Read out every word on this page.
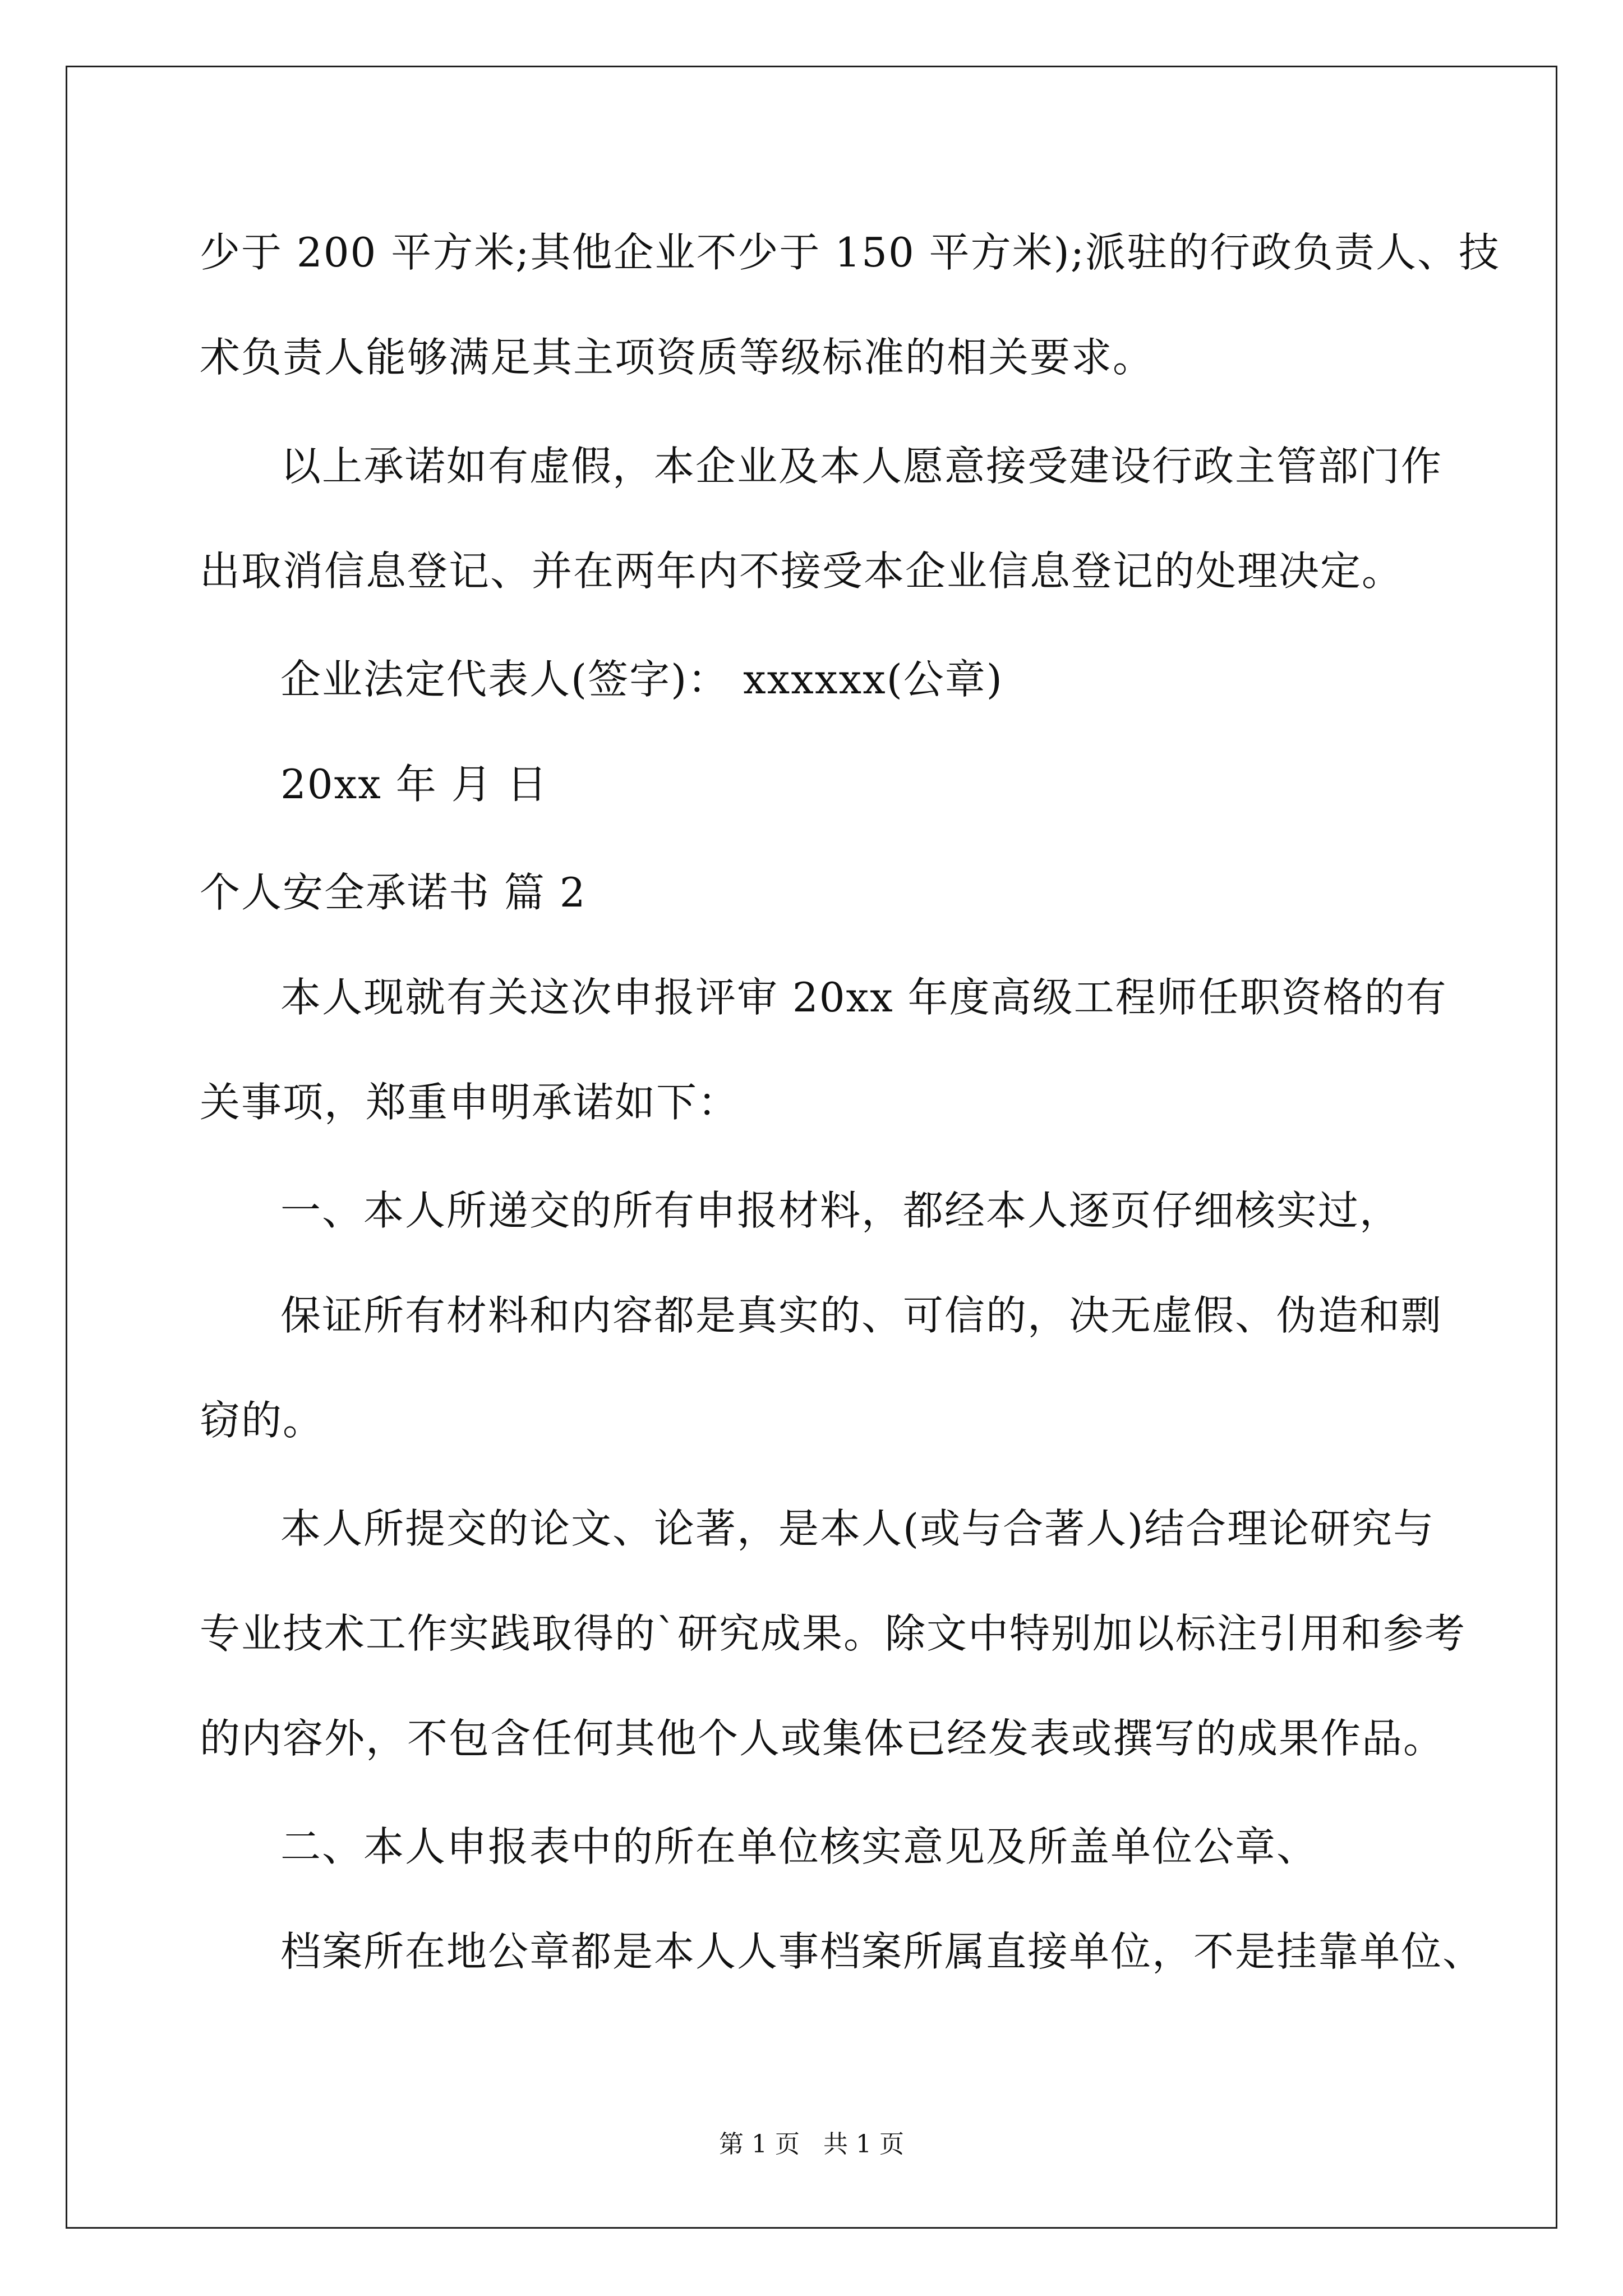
少于 200 平方米;其他企业不少于 150 平方米);派驻的行政负责人、技
术负责人能够满足其主项资质等级标准的相关要求。
以上承诺如有虚假，本企业及本人愿意接受建设行政主管部门作
出取消信息登记、并在两年内不接受本企业信息登记的处理决定。
企业法定代表人(签字)： xxxxxx(公章)
20xx 年 月 日
个人安全承诺书 篇 2
本人现就有关这次申报评审 20xx 年度高级工程师任职资格的有
关事项，郑重申明承诺如下：
一、本人所递交的所有申报材料，都经本人逐页仔细核实过，
保证所有材料和内容都是真实的、可信的，决无虚假、伪造和剽
窃的。
本人所提交的论文、论著，是本人(或与合著人)结合理论研究与
专业技术工作实践取得的`研究成果。除文中特别加以标注引用和参考
的内容外，不包含任何其他个人或集体已经发表或撰写的成果作品。
二、本人申报表中的所在单位核实意见及所盖单位公章、
档案所在地公章都是本人人事档案所属直接单位，不是挂靠单位、
第 1 页 共 1 页
